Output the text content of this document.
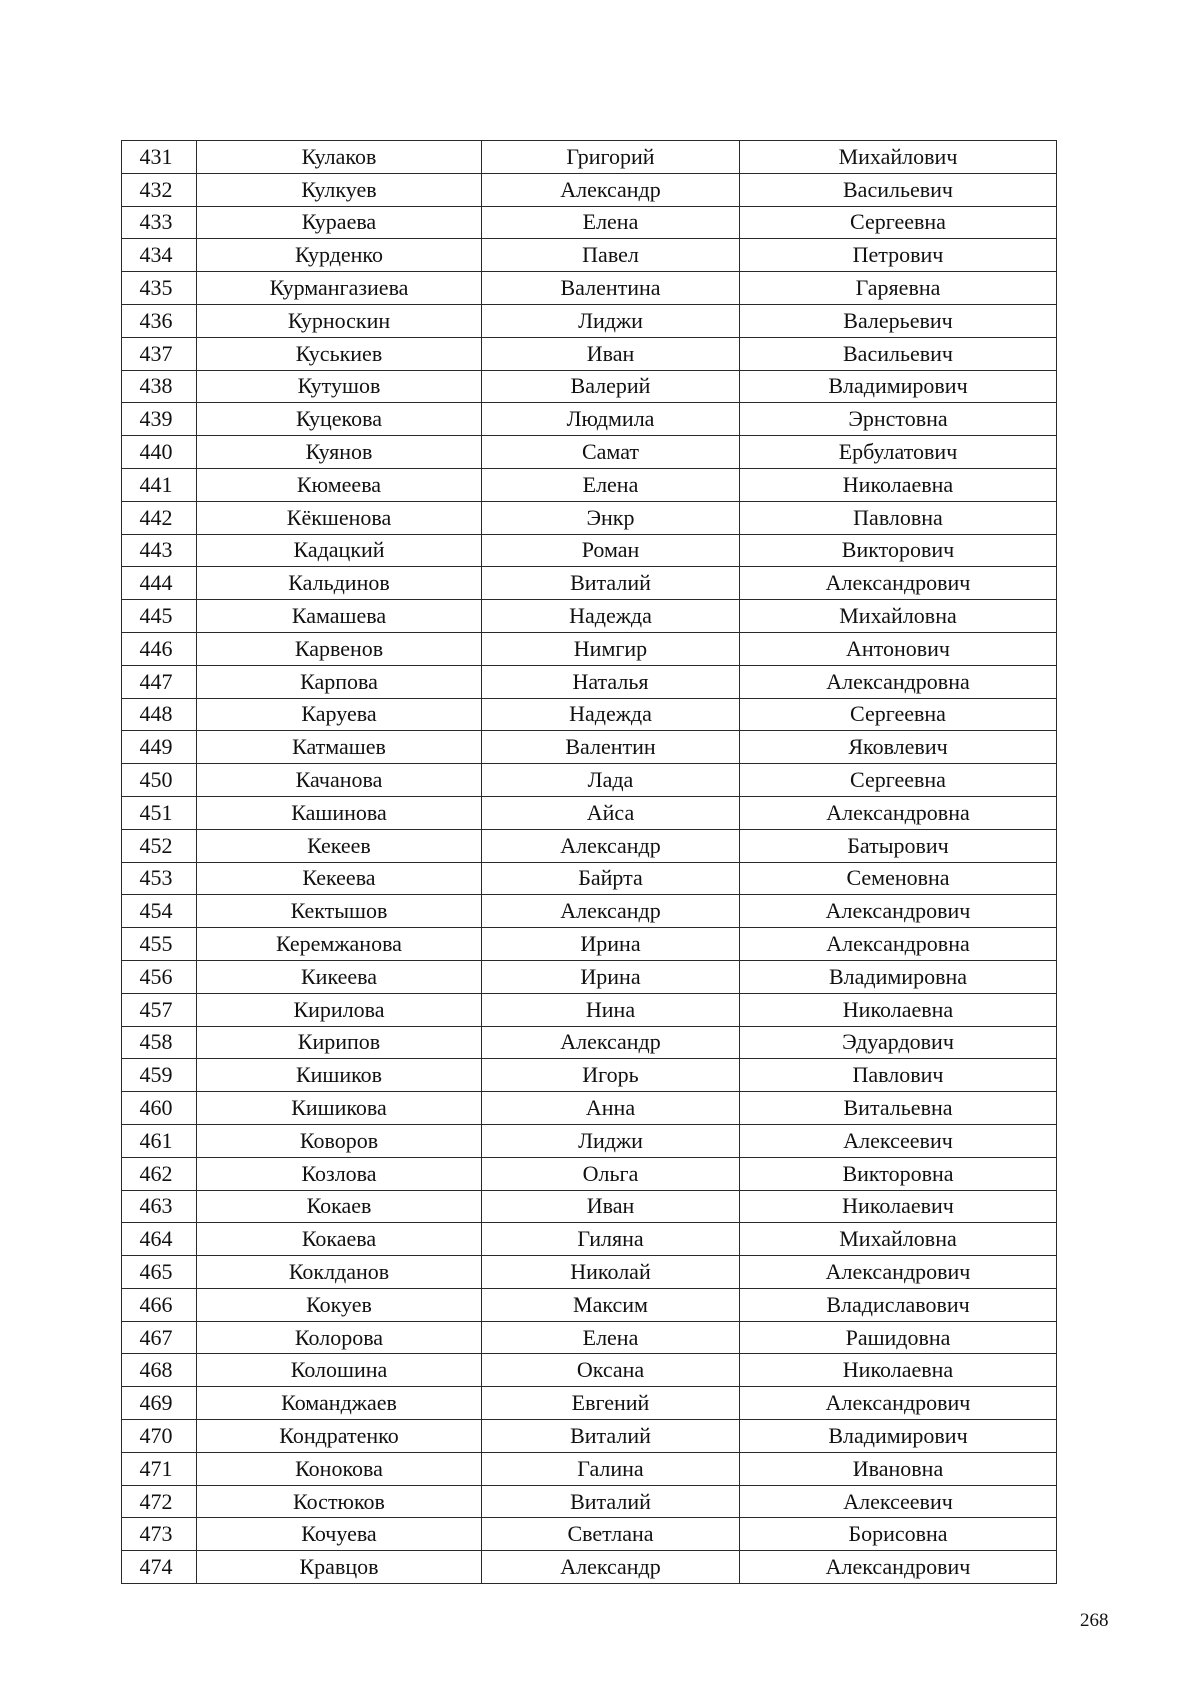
431	Кулаков	Григорий	Михайлович
432	Кулкуев	Александр	Васильевич
433	Кураева	Елена	Сергеевна
434	Курденко	Павел	Петрович
435	Курмангазиева	Валентина	Гаряевна
436	Курноскин	Лиджи	Валерьевич
437	Куськиев	Иван	Васильевич
438	Кутушов	Валерий	Владимирович
439	Куцекова	Людмила	Эрнстовна
440	Куянов	Самат	Ербулатович
441	Кюмеева	Елена	Николаевна
442	Кёкшенова	Энкр	Павловна
443	Кадацкий	Роман	Викторович
444	Кальдинов	Виталий	Александрович
445	Камашева	Надежда	Михайловна
446	Карвенов	Нимгир	Антонович
447	Карпова	Наталья	Александровна
448	Каруева	Надежда	Сергеевна
449	Катмашев	Валентин	Яковлевич
450	Качанова	Лада	Сергеевна
451	Кашинова	Айса	Александровна
452	Кекеев	Александр	Батырович
453	Кекеева	Байрта	Семеновна
454	Кектышов	Александр	Александрович
455	Керемжанова	Ирина	Александровна
456	Кикеева	Ирина	Владимировна
457	Кирилова	Нина	Николаевна
458	Кирипов	Александр	Эдуардович
459	Кишиков	Игорь	Павлович
460	Кишикова	Анна	Витальевна
461	Коворов	Лиджи	Алексеевич
462	Козлова	Ольга	Викторовна
463	Кокаев	Иван	Николаевич
464	Кокаева	Гиляна	Михайловна
465	Коклданов	Николай	Александрович
466	Кокуев	Максим	Владиславович
467	Колорова	Елена	Рашидовна
468	Колошина	Оксана	Николаевна
469	Команджаев	Евгений	Александрович
470	Кондратенко	Виталий	Владимирович
471	Конокова	Галина	Ивановна
472	Костюков	Виталий	Алексеевич
473	Кочуева	Светлана	Борисовна
474	Кравцов	Александр	Александрович
268
